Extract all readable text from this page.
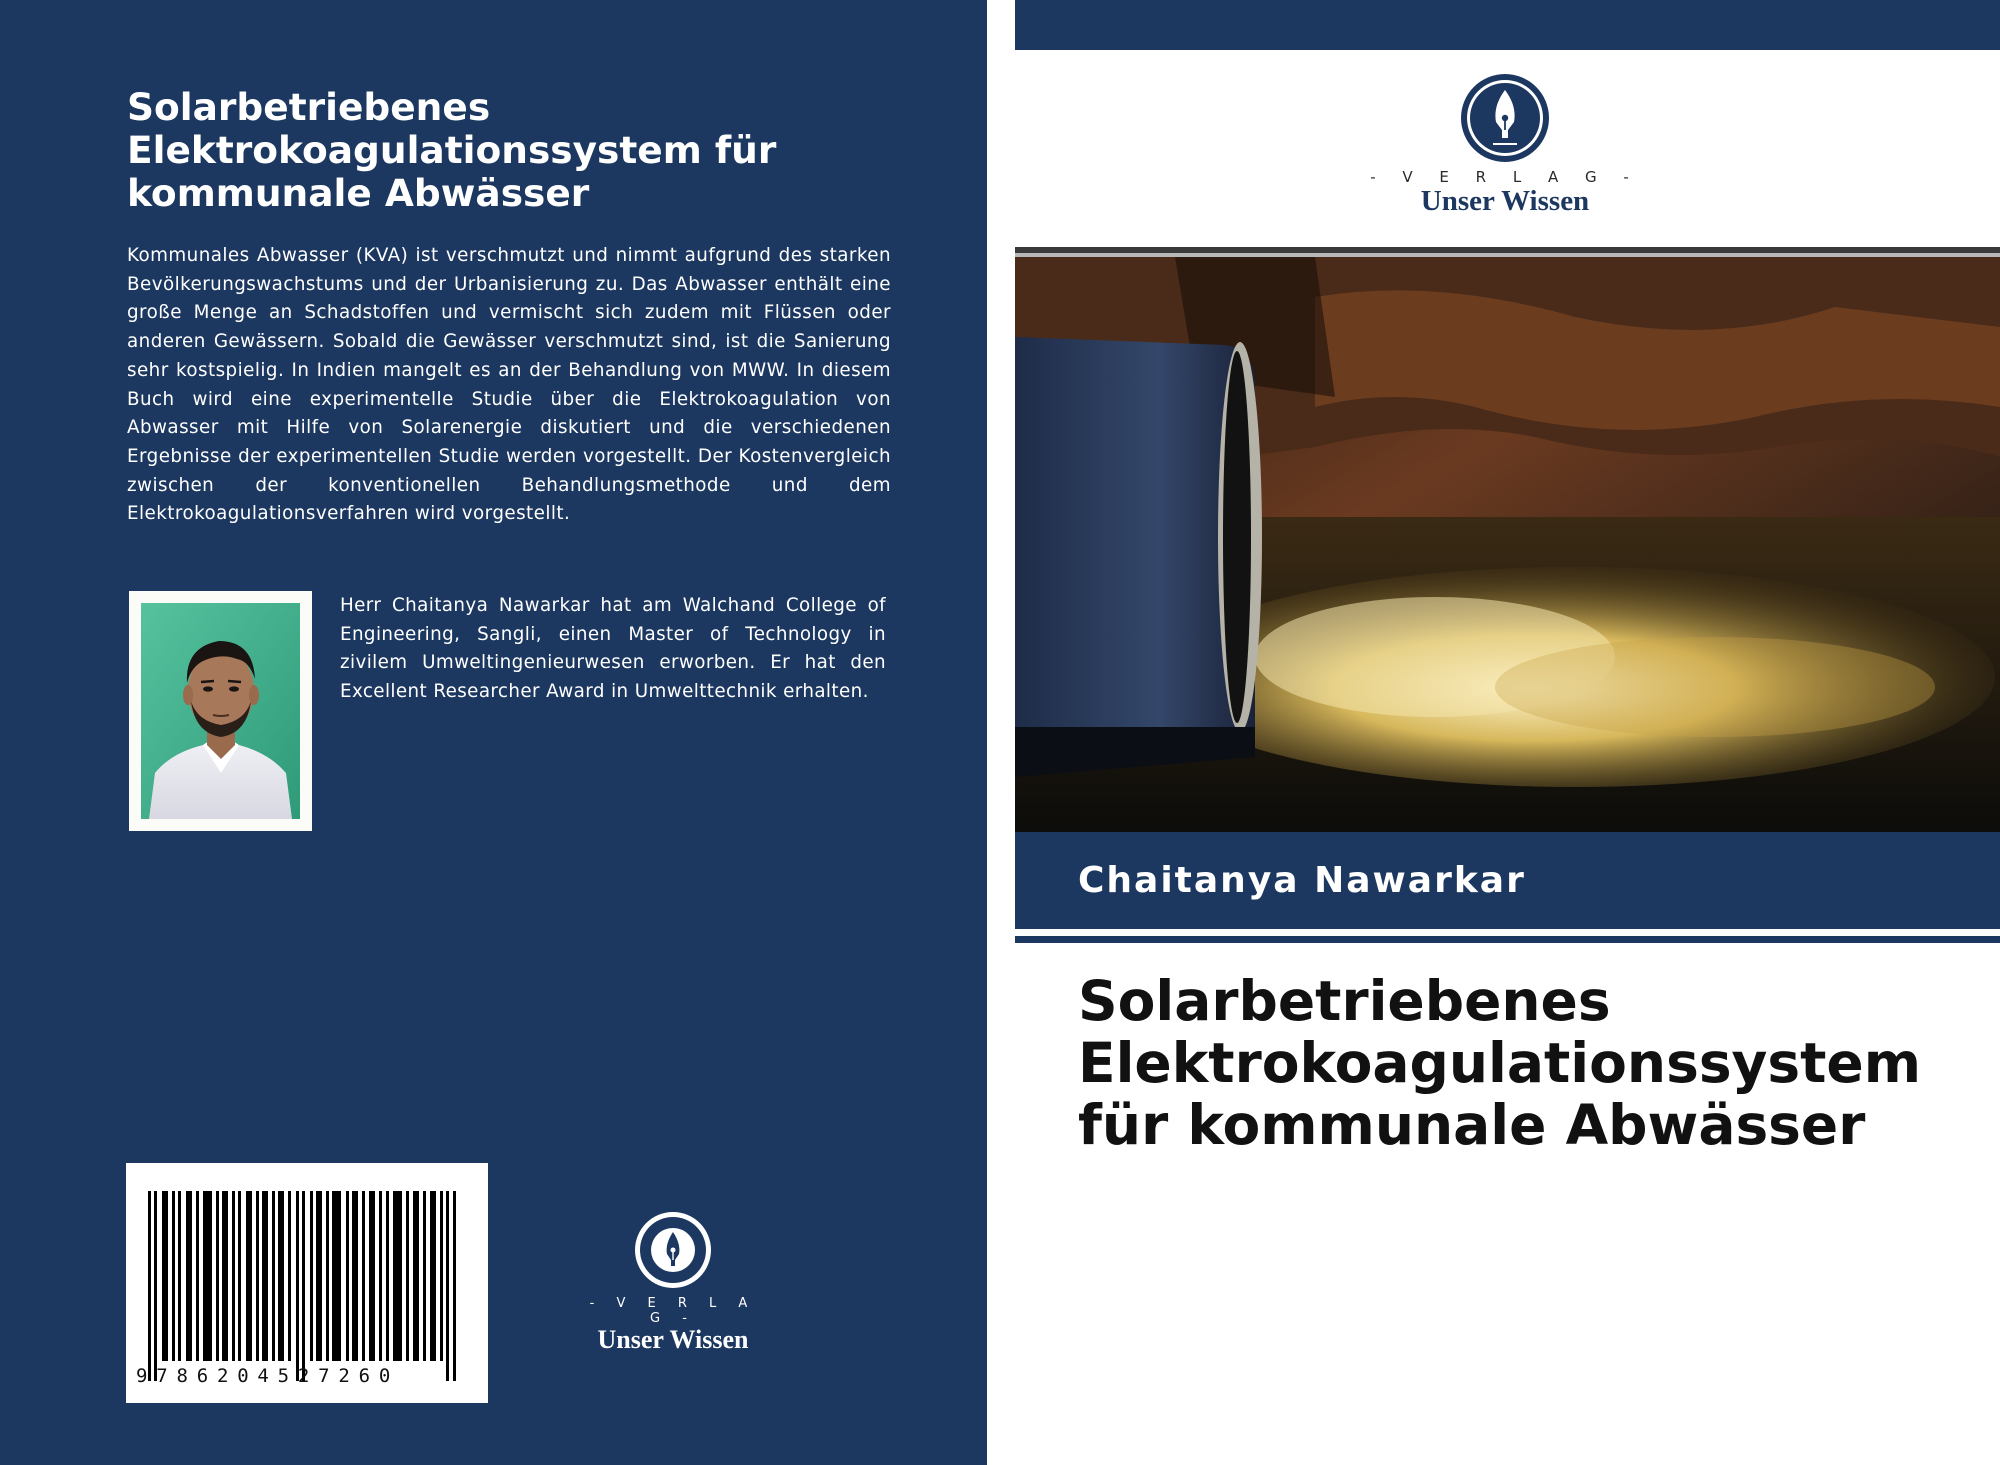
Solarbetriebenes Elektrokoagulationssystem für kommunale Abwässer

Kommunales Abwasser (KVA) ist verschmutzt und nimmt aufgrund des starken Bevölkerungswachstums und der Urbanisierung zu. Das Abwasser enthält eine große Menge an Schadstoffen und vermischt sich zudem mit Flüssen oder anderen Gewässern. Sobald die Gewässer verschmutzt sind, ist die Sanierung sehr kostspielig. In Indien mangelt es an der Behandlung von MWW. In diesem Buch wird eine experimentelle Studie über die Elektrokoagulation von Abwasser mit Hilfe von Solarenergie diskutiert und die verschiedenen Ergebnisse der experimentellen Studie werden vorgestellt. Der Kostenvergleich zwischen der konventionellen Behandlungsmethode und dem Elektrokoagulationsverfahren wird vorgestellt.

Herr Chaitanya Nawarkar hat am Walchand College of Engineering, Sangli, einen Master of Technology in zivilem Umweltingenieurwesen erworben. Er hat den Excellent Researcher Award in Umwelttechnik erhalten.

9786204527260
- V E R L A G -
Unser Wissen
- V E R L A G -
Unser Wissen
Chaitanya Nawarkar
Solarbetriebenes Elektrokoagulationssystem für kommunale Abwässer
